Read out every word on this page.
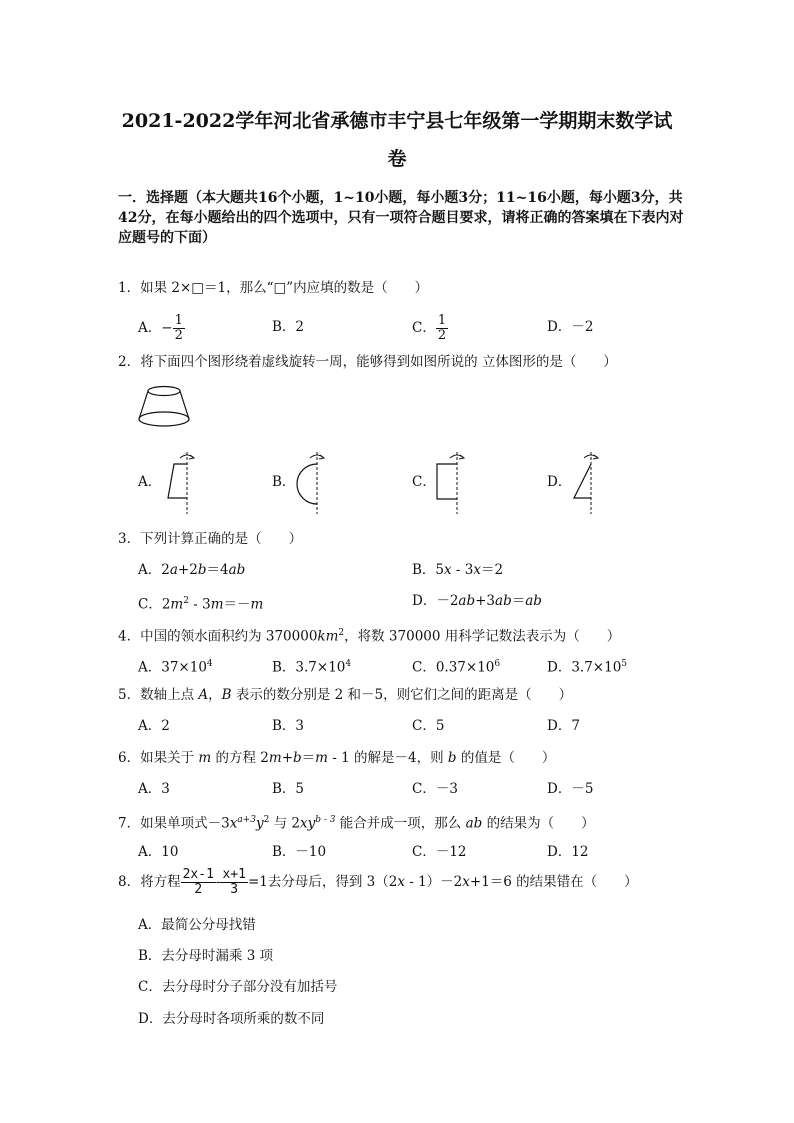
2021-2022学年河北省承德市丰宁县七年级第一学期期末数学试
卷
一．选择题（本大题共16个小题，1~10小题，每小题3分；11~16小题，每小题3分，共42分，在每小题给出的四个选项中，只有一项符合题目要求，请将正确的答案填在下表内对应题号的下面）
1．如果 2×□＝1，那么“□”内应填的数是（　　）
A．− $\frac{1}{2}$	B．2	C． $\frac{1}{2}$	D．－2
2．将下面四个图形绕着虚线旋转一周，能够得到如图所说的 立体图形的是（　　）
A．	B．	C．	D．
3．下列计算正确的是（　　）
A．2a+2b＝4ab	B．5x - 3x＝2
C．$2m^2 - 3m=-m$	D．－2ab+3ab＝ab
4．中国的领水面积约为 $370000km^2$，将数 370000 用科学记数法表示为（　　）
A．$37\times 10^4$	B．$3.7\times 10^4$	C．$0.37\times 10^6$	D．$3.7\times 10^5$
5．数轴上点 A，B 表示的数分别是 2 和－5，则它们之间的距离是（　　）
A．2	B．3	C．5	D．7
6．如果关于 m 的方程 2m+b＝m - 1 的解是－4，则 b 的值是（　　）
A．3	B．5	C．－3	D．－5
7．如果单项式$-3x^{a+3}y^2$ 与 $2xy^{b - 3}$ 能合并成一项，那么 ab 的结果为（　　）
A．10	B．－10	C．－12	D．12
8．将方程 $\frac{2x-1}{2} - \frac{x+1}{3} =1$去分母后，得到 3（2x - 1）－2x+1＝6 的结果错在（　　）
A．最简公分母找错
B．去分母时漏乘 3 项
C．去分母时分子部分没有加括号
D．去分母时各项所乘的数不同
